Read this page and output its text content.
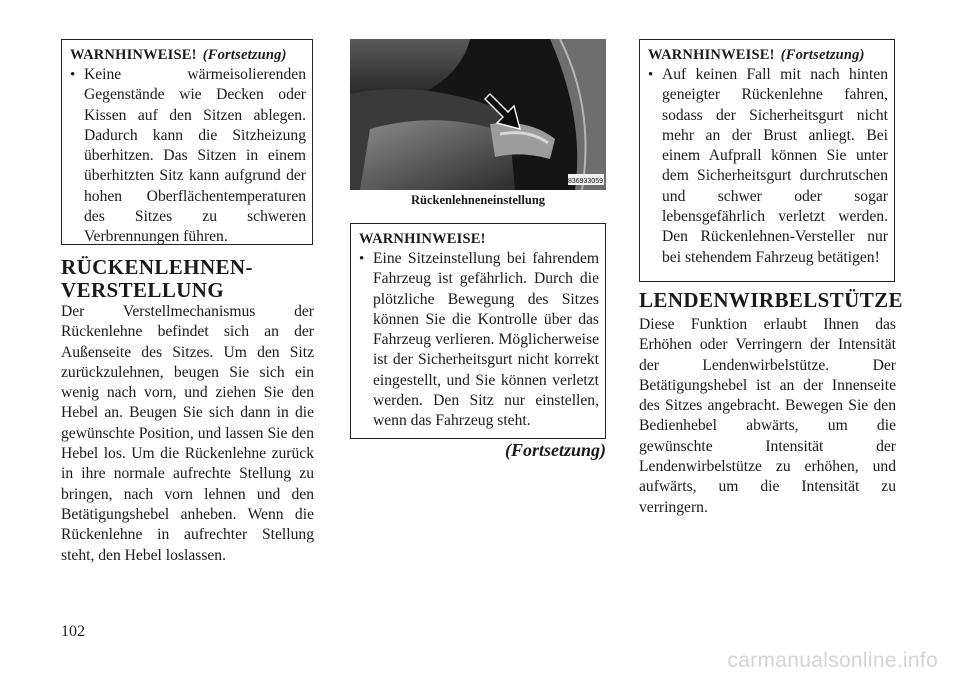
WARNHINWEISE! (Fortsetzung)
• Keine wärmeisolierenden Gegenstände wie Decken oder Kissen auf den Sitzen ablegen. Dadurch kann die Sitzheizung überhitzen. Das Sitzen in einem überhitzten Sitz kann aufgrund der hohen Oberflächentemperaturen des Sitzes zu schweren Verbrennungen führen.
RÜCKENLEHNEN-VERSTELLUNG
Der Verstellmechanismus der Rückenlehne befindet sich an der Außenseite des Sitzes. Um den Sitz zurückzulehnen, beugen Sie sich ein wenig nach vorn, und ziehen Sie den Hebel an. Beugen Sie sich dann in die gewünschte Position, und lassen Sie den Hebel los. Um die Rückenlehne zurück in ihre normale aufrechte Stellung zu bringen, nach vorn lehnen und den Betätigungshebel anheben. Wenn die Rückenlehne in aufrechter Stellung steht, den Hebel loslassen.
836933059
Rückenlehneneinstellung
WARNHINWEISE!
• Eine Sitzeinstellung bei fahrendem Fahrzeug ist gefährlich. Durch die plötzliche Bewegung des Sitzes können Sie die Kontrolle über das Fahrzeug verlieren. Möglicherweise ist der Sicherheitsgurt nicht korrekt eingestellt, und Sie können verletzt werden. Den Sitz nur einstellen, wenn das Fahrzeug steht.
(Fortsetzung)
WARNHINWEISE! (Fortsetzung)
• Auf keinen Fall mit nach hinten geneigter Rückenlehne fahren, sodass der Sicherheitsgurt nicht mehr an der Brust anliegt. Bei einem Aufprall können Sie unter dem Sicherheitsgurt durchrutschen und schwer oder sogar lebensgefährlich verletzt werden. Den Rückenlehnen-Versteller nur bei stehendem Fahrzeug betätigen!
LENDENWIRBELSTÜTZE
Diese Funktion erlaubt Ihnen das Erhöhen oder Verringern der Intensität der Lendenwirbelstütze. Der Betätigungshebel ist an der Innenseite des Sitzes angebracht. Bewegen Sie den Bedienhebel abwärts, um die gewünschte Intensität der Lendenwirbelstütze zu erhöhen, und aufwärts, um die Intensität zu verringern.
102
carmanualsonline.info
